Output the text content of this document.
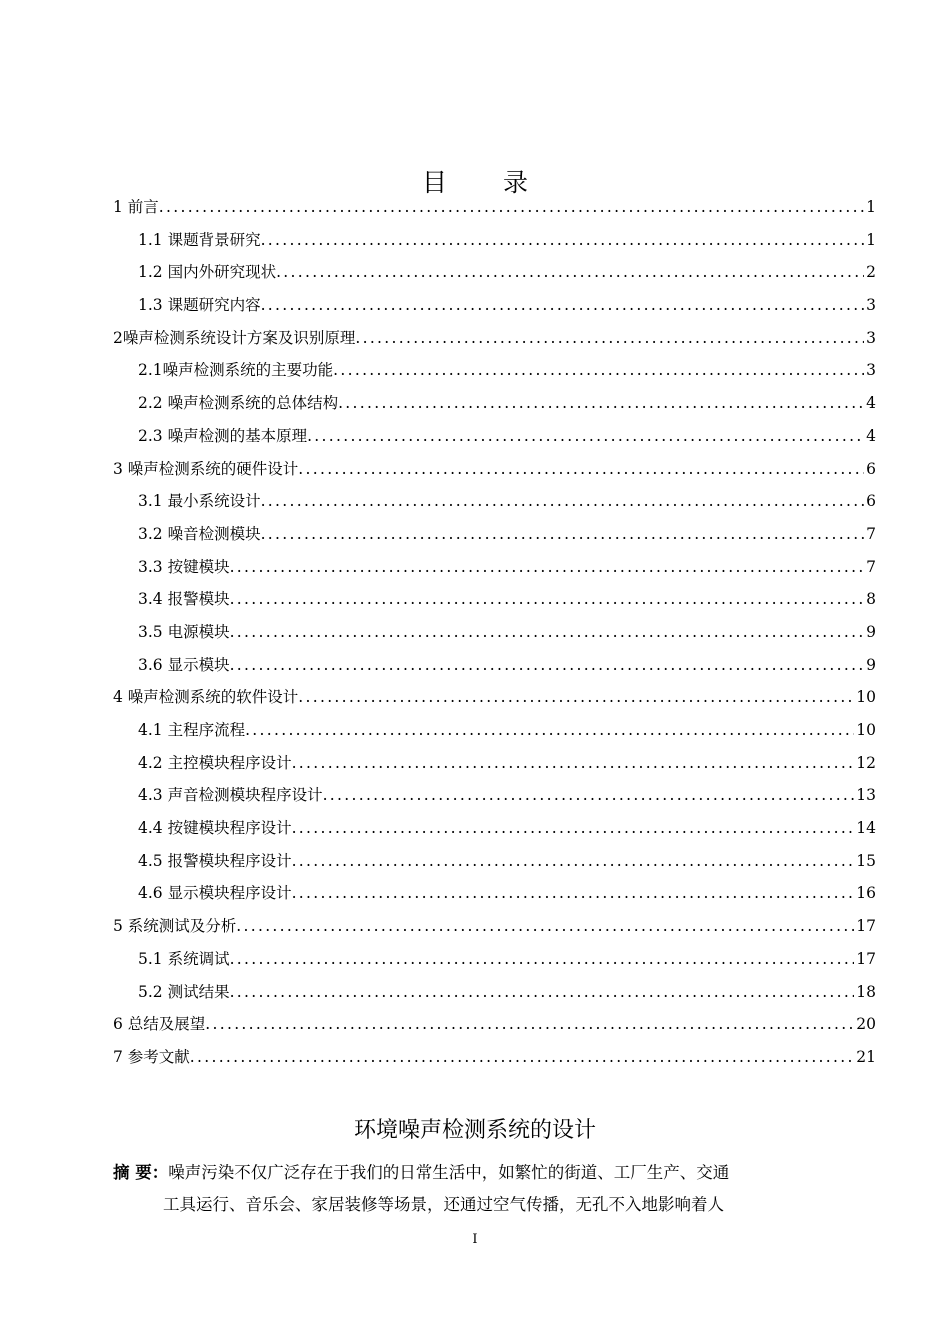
目 录
1 前言 .....	1
1.1 课题背景研究 .....	1
1.2 国内外研究现状 .....	2
1.3 课题研究内容 .....	3
2噪声检测系统设计方案及识别原理 .....	3
2.1噪声检测系统的主要功能 .....	3
2.2 噪声检测系统的总体结构 .....	4
2.3 噪声检测的基本原理 .....	4
3 噪声检测系统的硬件设计 .....	6
3.1 最小系统设计 .....	6
3.2 噪音检测模块 .....	7
3.3 按键模块 .....	7
3.4 报警模块 .....	8
3.5 电源模块 .....	9
3.6 显示模块 .....	9
4 噪声检测系统的软件设计 .....	10
4.1 主程序流程 .....	10
4.2 主控模块程序设计 .....	12
4.3 声音检测模块程序设计 .....	13
4.4 按键模块程序设计 .....	14
4.5 报警模块程序设计 .....	15
4.6 显示模块程序设计 .....	16
5 系统测试及分析 .....	17
5.1 系统调试 .....	17
5.2 测试结果 .....	18
6 总结及展望 .....	20
7 参考文献 .....	21
环境噪声检测系统的设计
摘 要：噪声污染不仅广泛存在于我们的日常生活中，如繁忙的街道、工厂生产、交通
工具运行、音乐会、家居装修等场景，还通过空气传播，无孔不入地影响着人
I
